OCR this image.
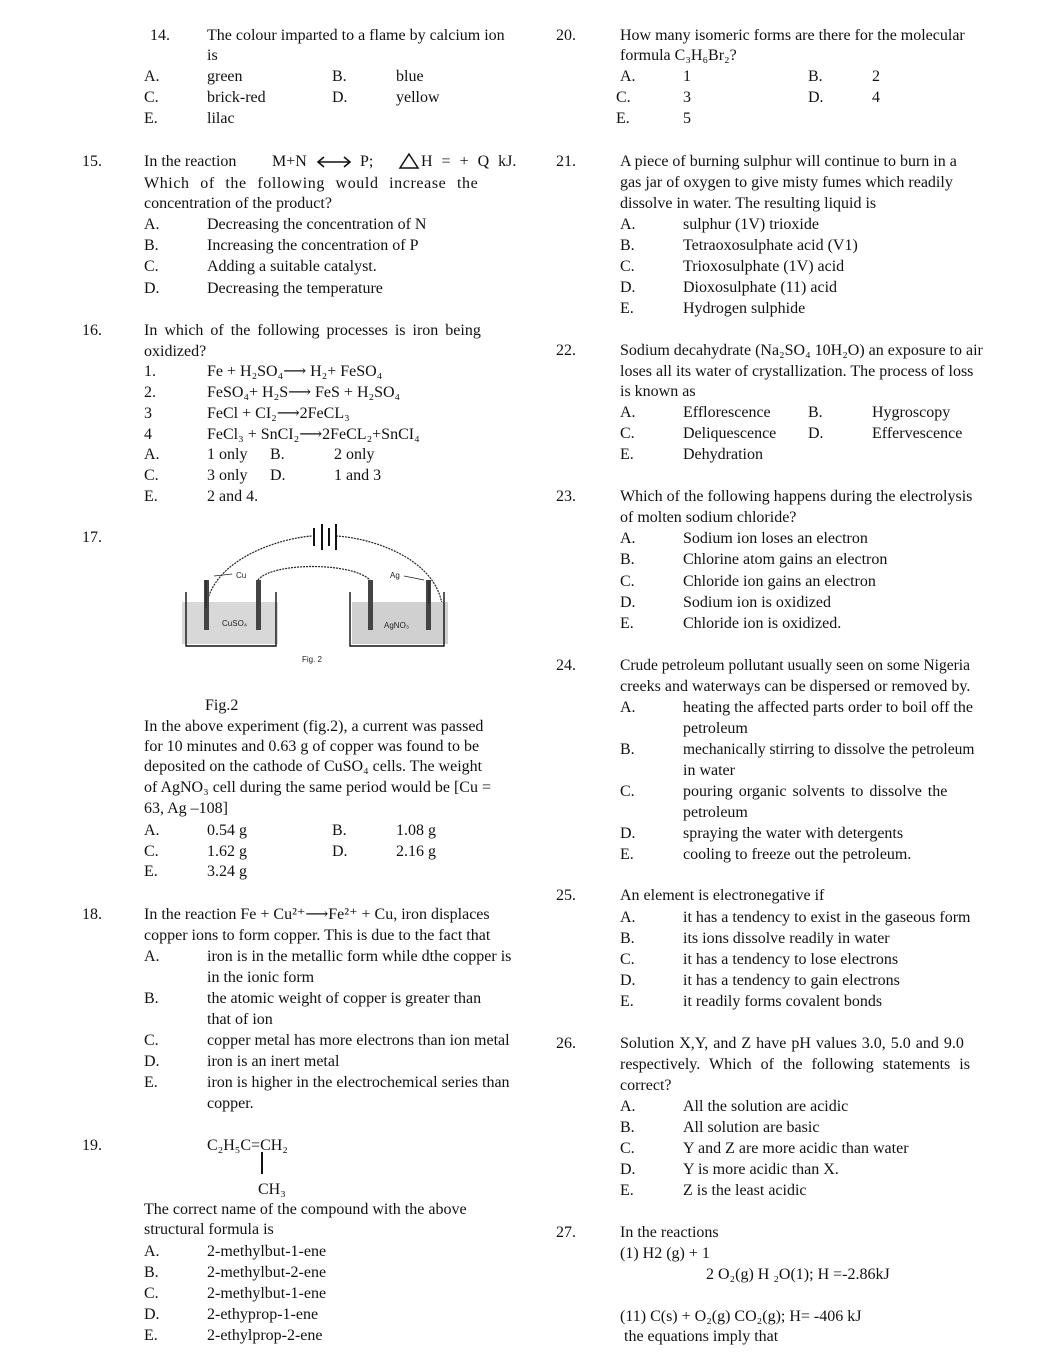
14. The colour imparted to a flame by calcium ion
is
A.	green	B.	blue
C.	brick-red	D.	yellow
E.	lilac
15.	In the reaction M+N	P;	H = + Q kJ.
Which of the following would increase the
concentration of the product?
A.	Decreasing the concentration of N
B.	Increasing the concentration of P
C.	Adding a suitable catalyst.
D.	Decreasing the temperature
16.	In which of the following processes is iron being
oxidized?
1.	Fe + H₂SO₄⟶ H₂+ FeSO₄
2.	FeSO₄+ H₂S⟶ FeS + H₂SO₄
3	FeCl + CI₂⟶2FeCL₃
4	FeCl₃ + SnCI₂⟶2FeCL₂+SnCI₄
A.	1 only B.	2 only
C.	3 only D.	1 and 3
E.	2 and 4.
17.
Cu	Ag
CuSO₄	AgNO₃
Fig. 2
Fig.2
In the above experiment (fig.2), a current was passed
for 10 minutes and 0.63 g of copper was found to be
deposited on the cathode of CuSO₄ cells. The weight
of AgNO₃ cell during the same period would be [Cu =
63, Ag –108]
A.	0.54 g	B.	1.08 g
C.	1.62 g	D.	2.16 g
E.	3.24 g
18.	In the reaction Fe + Cu²⁺⟶Fe²⁺ + Cu, iron displaces
copper ions to form copper. This is due to the fact that
A.	iron is in the metallic form while dthe copper is
in the ionic form
B.	the atomic weight of copper is greater than
that of ion
C.	copper metal has more electrons than ion metal
D.	iron is an inert metal
E.	iron is higher in the electrochemical series than
copper.
19.	C₂H₅C=CH₂
CH₃
The correct name of the compound with the above
structural formula is
A.	2-methylbut-1-ene
B.	2-methylbut-2-ene
C.	2-methylbut-1-ene
D.	2-ethyprop-1-ene
E.	2-ethylprop-2-ene
20.	How many isomeric forms are there for the molecular
formula C₃H₆Br₂?
A.	1	B.	2
C.	3	D.	4
E.	5
21.	A piece of burning sulphur will continue to burn in a
gas jar of oxygen to give misty fumes which readily
dissolve in water. The resulting liquid is
A.	sulphur (1V) trioxide
B.	Tetraoxosulphate acid (V1)
C.	Trioxosulphate (1V) acid
D.	Dioxosulphate (11) acid
E.	Hydrogen sulphide
22.	Sodium decahydrate (Na₂SO₄ 10H₂O) an exposure to air
loses all its water of crystallization. The process of loss
is known as
A.	Efflorescence B.	Hygroscopy
C.	Deliquescence D.	Effervescence
E.	Dehydration
23.	Which of the following happens during the electrolysis
of molten sodium chloride?
A.	Sodium ion loses an electron
B.	Chlorine atom gains an electron
C.	Chloride ion gains an electron
D.	Sodium ion is oxidized
E.	Chloride ion is oxidized.
24.	Crude petroleum pollutant usually seen on some Nigeria
creeks and waterways can be dispersed or removed by.
A.	heating the affected parts order to boil off the
petroleum
B.	mechanically stirring to dissolve the petroleum
in water
C.	pouring organic solvents to dissolve the
petroleum
D.	spraying the water with detergents
E.	cooling to freeze out the petroleum.
25.	An element is electronegative if
A.	it has a tendency to exist in the gaseous form
B.	its ions dissolve readily in water
C.	it has a tendency to lose electrons
D.	it has a tendency to gain electrons
E.	it readily forms covalent bonds
26.	Solution X,Y, and Z have pH values 3.0, 5.0 and 9.0
respectively. Which of the following statements is
correct?
A.	All the solution are acidic
B.	All solution are basic
C.	Y and Z are more acidic than water
D.	Y is more acidic than X.
E.	Z is the least acidic
27.	In the reactions
(1) H2 (g) + 1
2 O₂(g) H ₂O(1); H =-2.86kJ
(11) C(s) + O₂(g) CO₂(g); H= -406 kJ
the equations imply that
